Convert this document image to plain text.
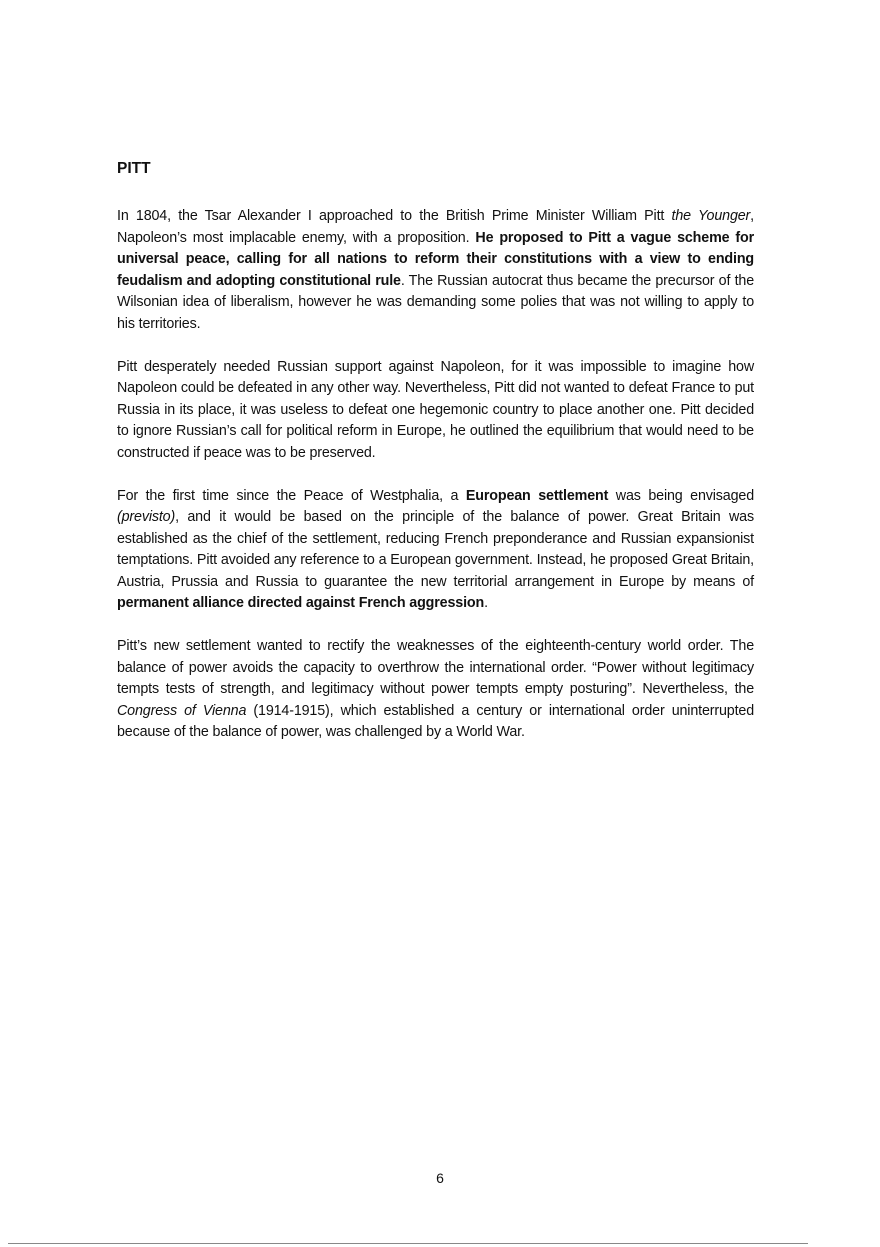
PITT

In 1804, the Tsar Alexander I approached to the British Prime Minister William Pitt the Younger, Napoleon’s most implacable enemy, with a proposition. He proposed to Pitt a vague scheme for universal peace, calling for all nations to reform their constitutions with a view to ending feudalism and adopting constitutional rule. The Russian autocrat thus became the precursor of the Wilsonian idea of liberalism, however he was demanding some polies that was not willing to apply to his territories.

Pitt desperately needed Russian support against Napoleon, for it was impossible to imagine how Napoleon could be defeated in any other way. Nevertheless, Pitt did not wanted to defeat France to put Russia in its place, it was useless to defeat one hegemonic country to place another one. Pitt decided to ignore Russian’s call for political reform in Europe, he outlined the equilibrium that would need to be constructed if peace was to be preserved.

For the first time since the Peace of Westphalia, a European settlement was being envisaged (previsto), and it would be based on the principle of the balance of power. Great Britain was established as the chief of the settlement, reducing French preponderance and Russian expansionist temptations. Pitt avoided any reference to a European government. Instead, he proposed Great Britain, Austria, Prussia and Russia to guarantee the new territorial arrangement in Europe by means of permanent alliance directed against French aggression.

Pitt’s new settlement wanted to rectify the weaknesses of the eighteenth-century world order. The balance of power avoids the capacity to overthrow the international order. “Power without legitimacy tempts tests of strength, and legitimacy without power tempts empty posturing”. Nevertheless, the Congress of Vienna (1914-1915), which established a century or international order uninterrupted because of the balance of power, was challenged by a World War.

6
